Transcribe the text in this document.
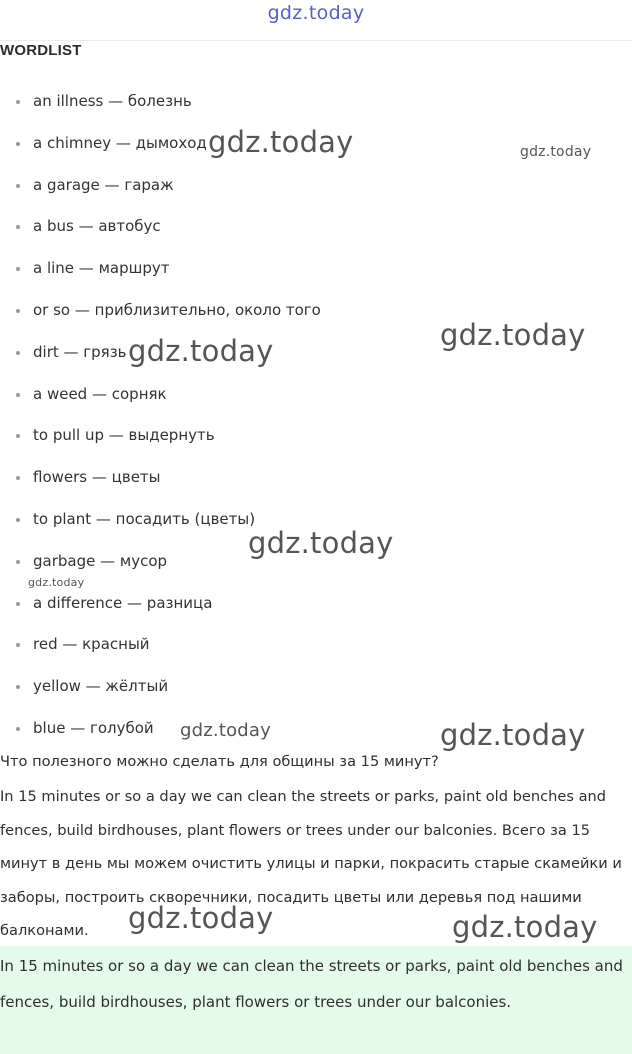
gdz.today
WORDLIST
an illness — болезнь
a chimney — дымоход
a garage — гараж
a bus — автобус
a line — маршрут
or so — приблизительно, около того
dirt — грязь
a weed — сорняк
to pull up — выдернуть
flowers — цветы
to plant — посадить (цветы)
garbage — мусор
a difference — разница
red — красный
yellow — жёлтый
blue — голубой
Что полезного можно сделать для общины за 15 минут?
In 15 minutes or so a day we can clean the streets or parks, paint old benches and fences, build birdhouses, plant flowers or trees under our balconies. Всего за 15 минут в день мы можем очистить улицы и парки, покрасить старые скамейки и заборы, построить скворечники, посадить цветы или деревья под нашими балконами.

In 15 minutes or so a day we can clean the streets or parks, paint old benches and fences, build birdhouses, plant flowers or trees under our balconies.

gdz.today	gdz.today
gdz.today
gdz.today
gdz.today
gdz.today
gdz.today	gdz.today
gdz.today	gdz.today
